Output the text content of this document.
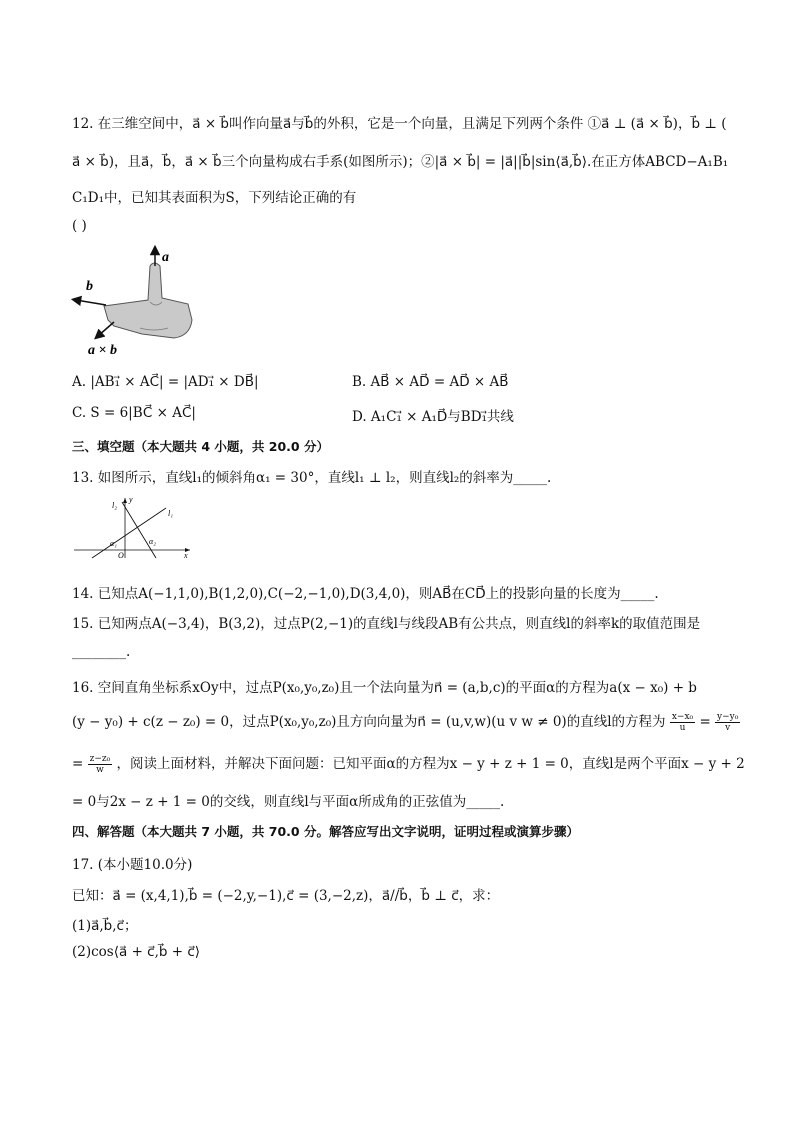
12. 在三维空间中，a⃗ × b⃗叫作向量a⃗与b⃗的外积，它是一个向量，且满足下列两个条件 ①a⃗ ⊥ (a⃗ × b⃗)，b⃗ ⊥ (
a⃗ × b⃗)，且a⃗，b⃗，a⃗ × b⃗三个向量构成右手系(如图所示)；②|a⃗ × b⃗| = |a⃗||b⃗|sin⟨a⃗,b⃗⟩.在正方体ABCD−A₁B₁
C₁D₁中，已知其表面积为S，下列结论正确的有
( )
a
b
a × b
A. |AB₁⃗ × AC⃗| = |AD₁⃗ × DB⃗|	B. AB⃗ × AD⃗ = AD⃗ × AB⃗
C. S = 6|BC⃗ × AC⃗|	D. A₁C₁⃗ × A₁D⃗与BD₁⃗共线
三、填空题（本大题共 4 小题，共 20.0 分）
13. 如图所示，直线l₁的倾斜角α₁ = 30°，直线l₁ ⊥ l₂，则直线l₂的斜率为_____.
l₂
y
l₁
α₁	α₂
O	x
14. 已知点A(−1,1,0),B(1,2,0),C(−2,−1,0),D(3,4,0)，则AB⃗在CD⃗上的投影向量的长度为_____.
15. 已知两点A(−3,4)，B(3,2)，过点P(2,−1)的直线l与线段AB有公共点，则直线l的斜率k的取值范围是
________.
16. 空间直角坐标系xOy中，过点P(x₀,y₀,z₀)且一个法向量为n⃗ = (a,b,c)的平面α的方程为a(x − x₀) + b
(y − y₀) + c(z − z₀) = 0，过点P(x₀,y₀,z₀)且方向向量为n⃗ = (u,v,w)(u v w ≠ 0)的直线l的方程为 $\frac{\text{x−x₀}}{u} = \frac{\text{y−y₀}}{v}$
= $\frac{\text{z−z₀}}{w}$ ，阅读上面材料，并解决下面问题：已知平面α的方程为x − y + z + 1 = 0，直线l是两个平面x − y + 2
= 0与2x − z + 1 = 0的交线，则直线l与平面α所成角的正弦值为_____.
四、解答题（本大题共 7 小题，共 70.0 分。解答应写出文字说明，证明过程或演算步骤）
17. (本小题10.0分)
已知：a⃗ = (x,4,1),b⃗ = (−2,y,−1),c⃗ = (3,−2,z)，a⃗//b⃗，b⃗ ⊥ c⃗，求：
(1)a⃗,b⃗,c⃗；
(2)cos⟨a⃗ + c⃗,b⃗ + c⃗⟩
